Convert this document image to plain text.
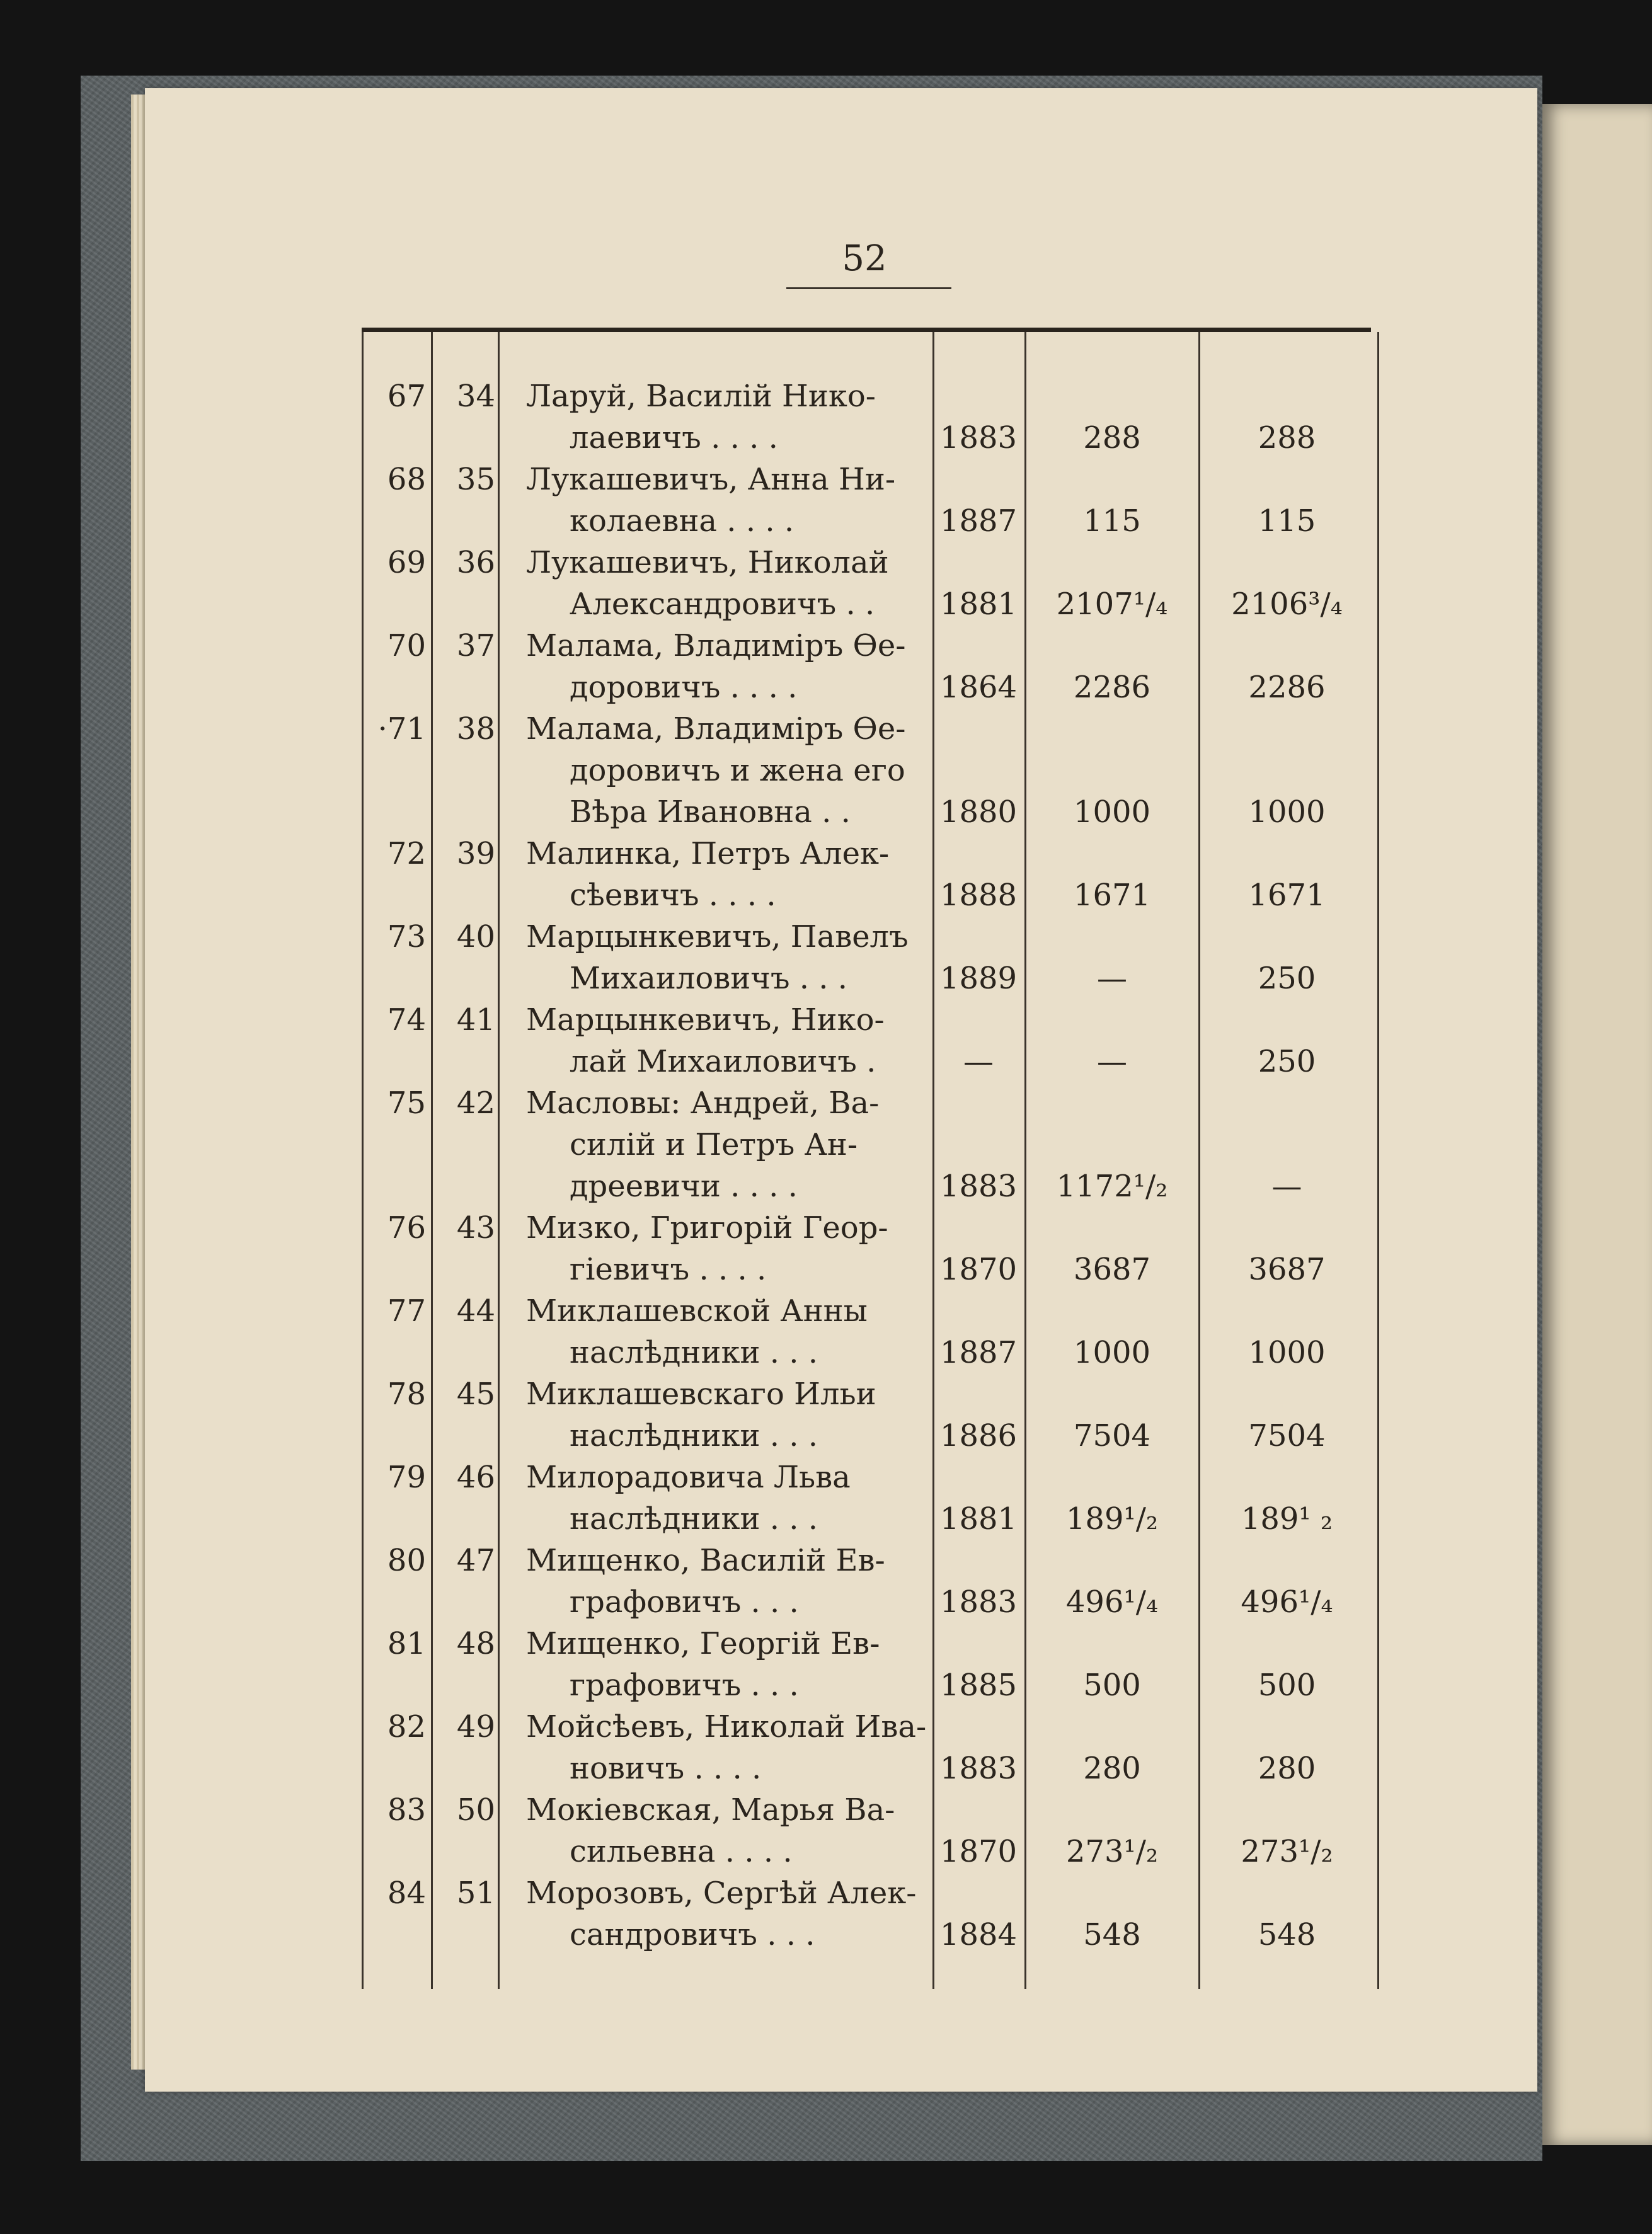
52
67	34 Ларуй, Василій Нико-
лаевичъ . . . .	1883	288	288
68	35 Лукашевичъ, Анна Ни-
колаевна . . . .	1887	115	115
69	36 Лукашевичъ, Николай
Александровичъ . . 1881	2107¹/₄	2106³/₄
70	37 Малама, Владиміръ Ѳе-
доровичъ . . . .	1864	2286	2286
·71	38 Малама, Владиміръ Ѳе-
доровичъ и жена его
Вѣра Ивановна . .	1880	1000	1000
72	39 Малинка, Петръ Алек-
сѣевичъ . . . .	1888	1671	1671
73	40 Марцынкевичъ, Павелъ
Михаиловичъ . . .	1889	—	250
74	41 Марцынкевичъ, Нико-
лай Михаиловичъ .	—	—	250
75	42 Масловы: Андрей, Ва-
силій и Петръ Ан-
дреевичи . . . .	1883	1172¹/₂	—
76	43 Мизко, Григорій Геор-
гіевичъ . . . .	1870	3687	3687
77	44 Миклашевской Анны
наслѣдники . . .	1887	1000	1000
78	45 Миклашевскаго Ильи
наслѣдники . . .	1886	7504	7504
79	46 Милорадовича Льва
наслѣдники . . .	1881	189¹/₂	189¹ ₂
80	47 Мищенко, Василій Ев-
графовичъ . . .	1883	496¹/₄	496¹/₄
81	48 Мищенко, Георгій Ев-
графовичъ . . .	1885	500	500
82	49 Мойсѣевъ, Николай Ива-
новичъ . . . .	1883	280	280
83	50 Мокіевская, Марья Ва-
сильевна . . . .	1870	273¹/₂	273¹/₂
84	51 Морозовъ, Сергѣй Алек-
сандровичъ . . .	1884	548	548
